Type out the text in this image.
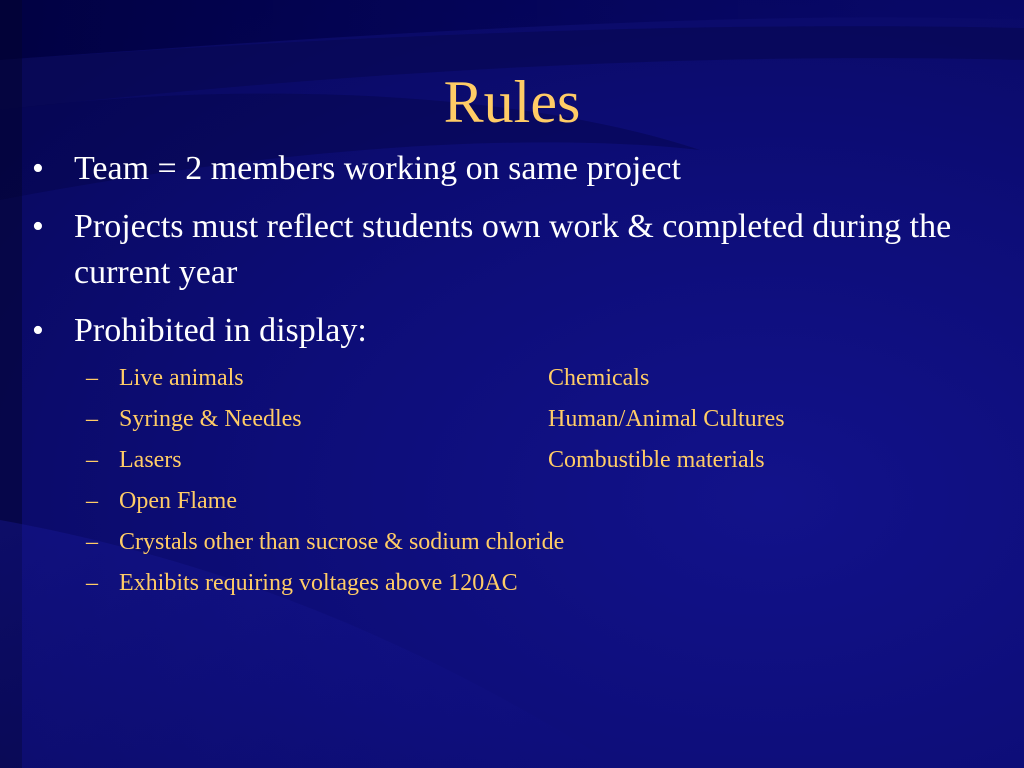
Rules
• Team = 2 members working on same project
• Projects must reflect students own work & completed during the current year
• Prohibited in display:
– Live animals	Chemicals
– Syringe & Needles	Human/Animal Cultures
– Lasers	Combustible materials
– Open Flame
– Crystals other than sucrose & sodium chloride
– Exhibits requiring voltages above 120AC
